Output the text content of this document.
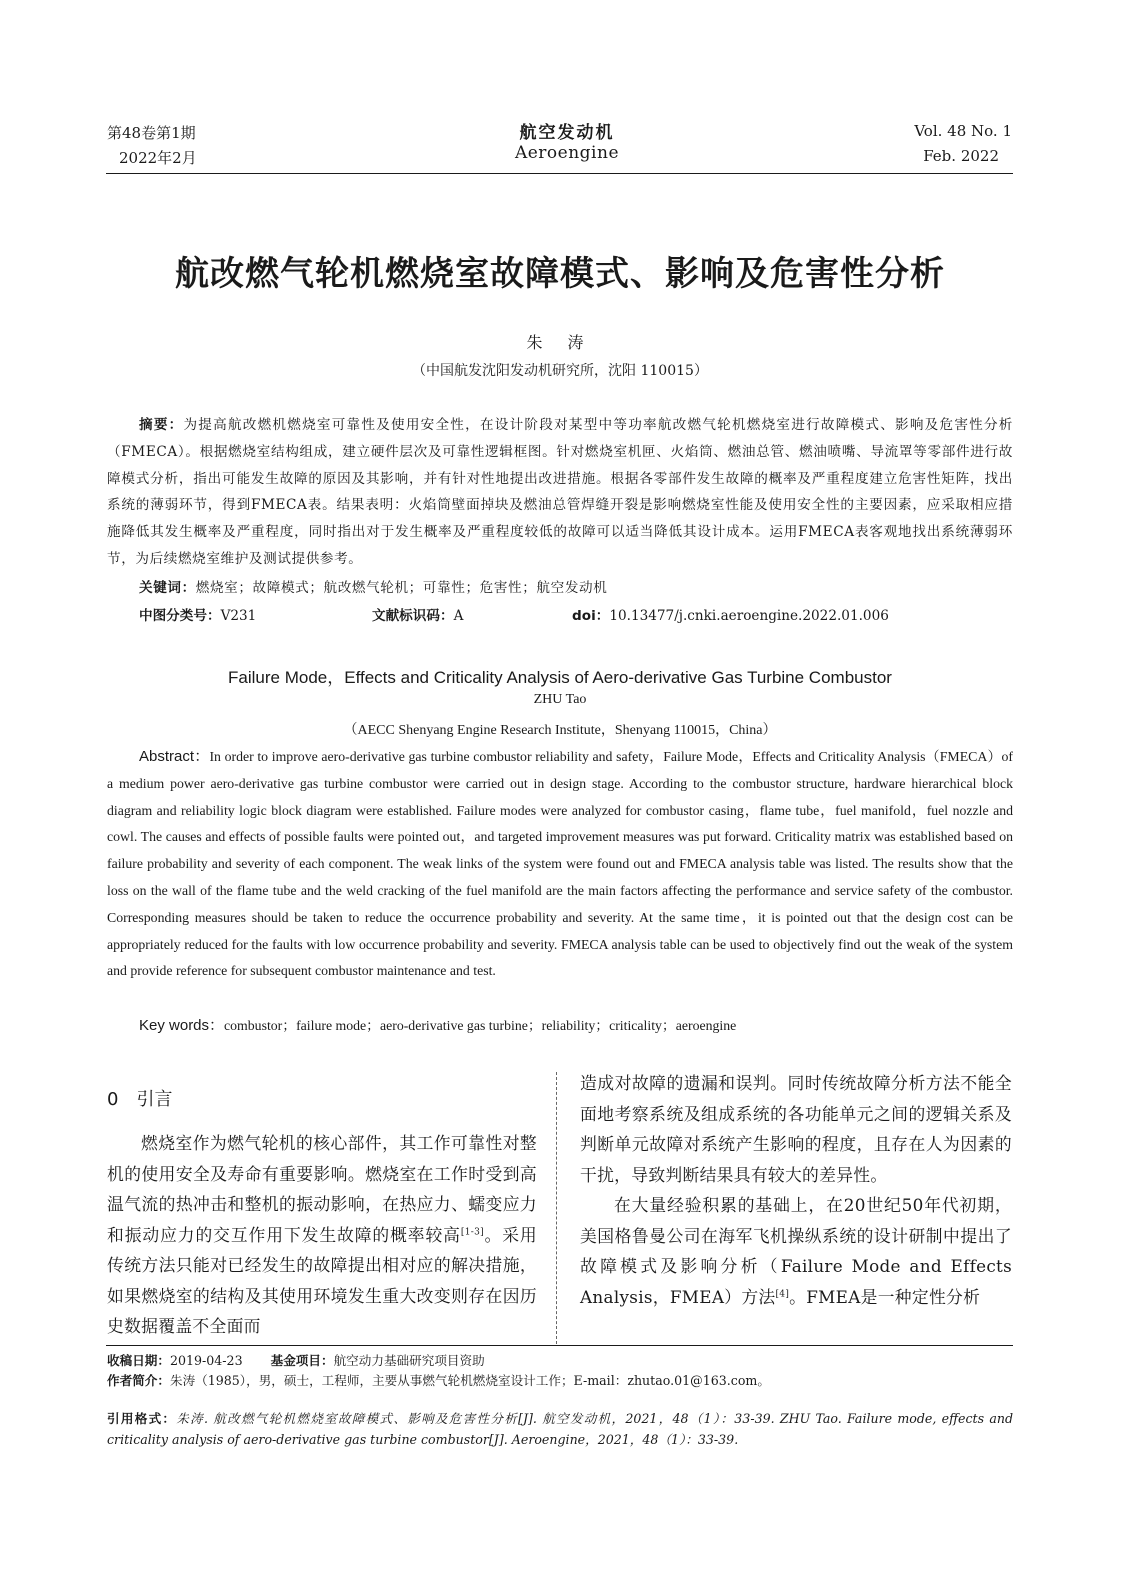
第48卷第1期
2022年2月
航空发动机
Aeroengine
Vol. 48 No. 1
Feb. 2022
航改燃气轮机燃烧室故障模式、影响及危害性分析
朱 涛
（中国航发沈阳发动机研究所，沈阳 110015）
摘要：为提高航改燃机燃烧室可靠性及使用安全性，在设计阶段对某型中等功率航改燃气轮机燃烧室进行故障模式、影响及危害性分析（FMECA）。根据燃烧室结构组成，建立硬件层次及可靠性逻辑框图。针对燃烧室机匣、火焰筒、燃油总管、燃油喷嘴、导流罩等零部件进行故障模式分析，指出可能发生故障的原因及其影响，并有针对性地提出改进措施。根据各零部件发生故障的概率及严重程度建立危害性矩阵，找出系统的薄弱环节，得到FMECA表。结果表明：火焰筒壁面掉块及燃油总管焊缝开裂是影响燃烧室性能及使用安全性的主要因素，应采取相应措施降低其发生概率及严重程度，同时指出对于发生概率及严重程度较低的故障可以适当降低其设计成本。运用FMECA表客观地找出系统薄弱环节，为后续燃烧室维护及测试提供参考。
关键词：燃烧室；故障模式；航改燃气轮机；可靠性；危害性；航空发动机
中图分类号：V231	文献标识码：A	doi：10.13477/j.cnki.aeroengine.2022.01.006
Failure Mode，Effects and Criticality Analysis of Aero-derivative Gas Turbine Combustor
ZHU Tao
（AECC Shenyang Engine Research Institute，Shenyang 110015，China）
Abstract：In order to improve aero-derivative gas turbine combustor reliability and safety，Failure Mode，Effects and Criticality Analysis（FMECA）of a medium power aero-derivative gas turbine combustor were carried out in design stage. According to the combustor structure, hardware hierarchical block diagram and reliability logic block diagram were established. Failure modes were analyzed for combustor casing，flame tube，fuel manifold，fuel nozzle and cowl. The causes and effects of possible faults were pointed out，and targeted improvement measures was put forward. Criticality matrix was established based on failure probability and severity of each component. The weak links of the system were found out and FMECA analysis table was listed. The results show that the loss on the wall of the flame tube and the weld cracking of the fuel manifold are the main factors affecting the performance and service safety of the combustor. Corresponding measures should be taken to reduce the occurrence probability and severity. At the same time，it is pointed out that the design cost can be appropriately reduced for the faults with low occurrence probability and severity. FMECA analysis table can be used to objectively find out the weak of the system and provide reference for subsequent combustor maintenance and test.
Key words：combustor；failure mode；aero-derivative gas turbine；reliability；criticality；aeroengine
0　引言
燃烧室作为燃气轮机的核心部件，其工作可靠性对整机的使用安全及寿命有重要影响。燃烧室在工作时受到高温气流的热冲击和整机的振动影响，在热应力、蠕变应力和振动应力的交互作用下发生故障的概率较高[1-3]。采用传统方法只能对已经发生的故障提出相对应的解决措施，如果燃烧室的结构及其使用环境发生重大改变则存在因历史数据覆盖不全面而

造成对故障的遗漏和误判。同时传统故障分析方法不能全面地考察系统及组成系统的各功能单元之间的逻辑关系及判断单元故障对系统产生影响的程度，且存在人为因素的干扰，导致判断结果具有较大的差异性。

在大量经验积累的基础上，在20世纪50年代初期，美国格鲁曼公司在海军飞机操纵系统的设计研制中提出了故障模式及影响分析（Failure Mode and Effects Analysis，FMEA）方法[4]。FMEA是一种定性分析

收稿日期：2019-04-23 基金项目：航空动力基础研究项目资助
作者简介：朱涛（1985），男，硕士，工程师，主要从事燃气轮机燃烧室设计工作；E-mail：zhutao.01@163.com。
引用格式：朱涛. 航改燃气轮机燃烧室故障模式、影响及危害性分析[J]. 航空发动机，2021，48（1）：33-39. ZHU Tao. Failure mode, effects and criticality analysis of aero-derivative gas turbine combustor[J]. Aeroengine，2021，48（1）：33-39.
